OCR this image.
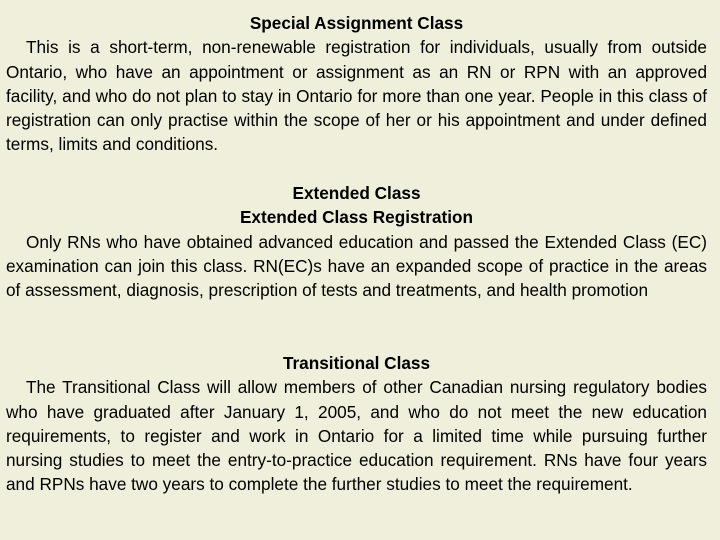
Special Assignment Class

This is a short-term, non-renewable registration for individuals, usually from outside Ontario, who have an appointment or assignment as an RN or RPN with an approved facility, and who do not plan to stay in Ontario for more than one year. People in this class of registration can only practise within the scope of her or his appointment and under defined terms, limits and conditions.

Extended Class
Extended Class Registration

Only RNs who have obtained advanced education and passed the Extended Class (EC) examination can join this class. RN(EC)s have an expanded scope of practice in the areas of assessment, diagnosis, prescription of tests and treatments, and health promotion

Transitional Class

The Transitional Class will allow members of other Canadian nursing regulatory bodies who have graduated after January 1, 2005, and who do not meet the new education requirements, to register and work in Ontario for a limited time while pursuing further nursing studies to meet the entry-to-practice education requirement. RNs have four years and RPNs have two years to complete the further studies to meet the requirement.
